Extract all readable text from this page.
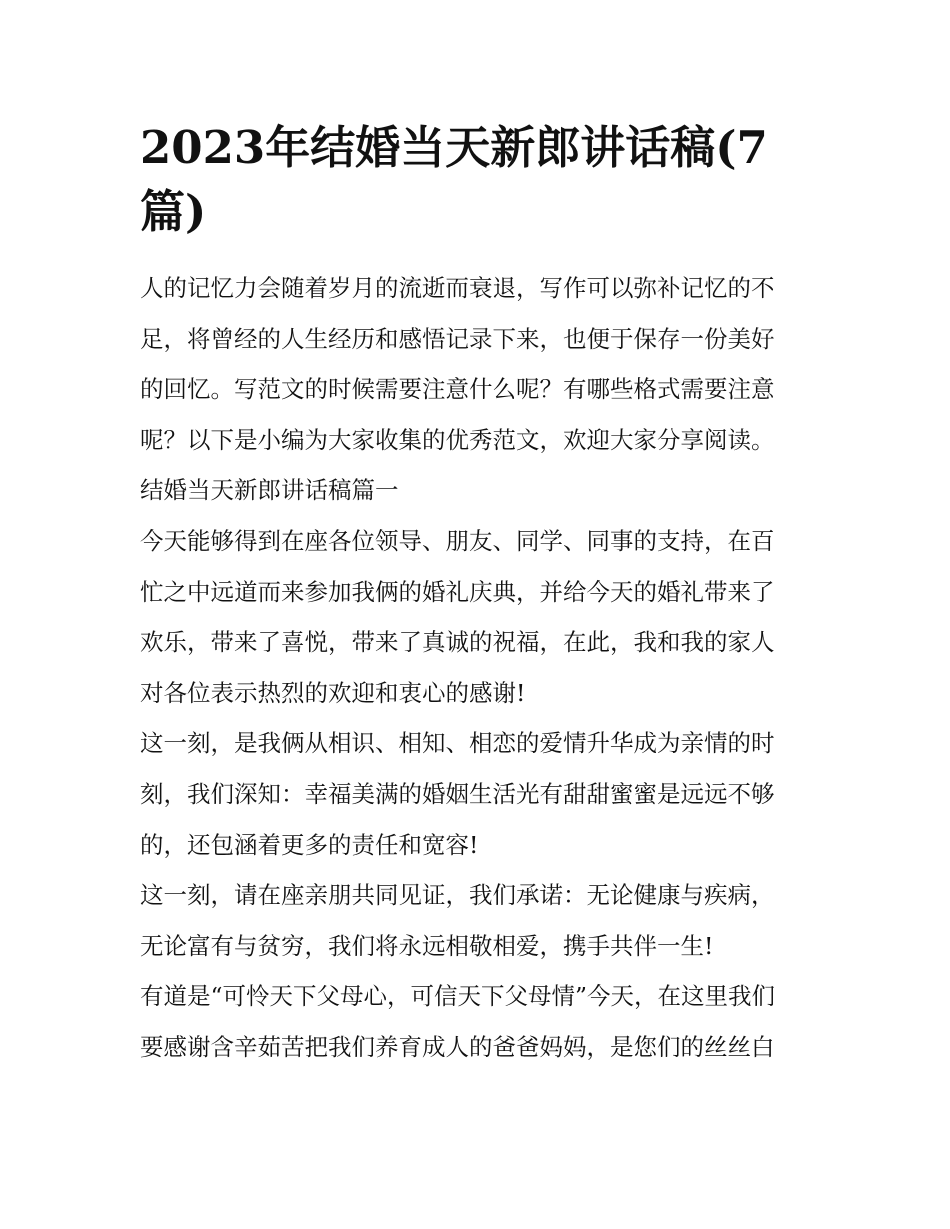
2023年结婚当天新郎讲话稿(7
篇)

人的记忆力会随着岁月的流逝而衰退，写作可以弥补记忆的不

足，将曾经的人生经历和感悟记录下来，也便于保存一份美好

的回忆。写范文的时候需要注意什么呢？有哪些格式需要注意

呢？以下是小编为大家收集的优秀范文，欢迎大家分享阅读。

结婚当天新郎讲话稿篇一

今天能够得到在座各位领导、朋友、同学、同事的支持，在百

忙之中远道而来参加我俩的婚礼庆典，并给今天的婚礼带来了

欢乐，带来了喜悦，带来了真诚的祝福，在此，我和我的家人

对各位表示热烈的欢迎和衷心的感谢!

这一刻，是我俩从相识、相知、相恋的爱情升华成为亲情的时

刻，我们深知：幸福美满的婚姻生活光有甜甜蜜蜜是远远不够

的，还包涵着更多的责任和宽容!

这一刻，请在座亲朋共同见证，我们承诺：无论健康与疾病，

无论富有与贫穷，我们将永远相敬相爱，携手共伴一生!

有道是“可怜天下父母心，可信天下父母情”今天，在这里我们

要感谢含辛茹苦把我们养育成人的爸爸妈妈，是您们的丝丝白
